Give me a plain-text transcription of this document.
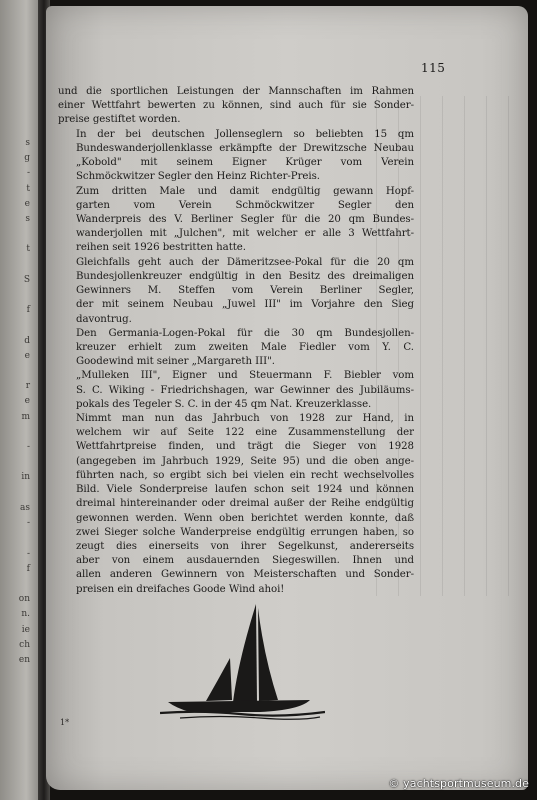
s
g
-
t
e
s

t

S

f

d
e

r
e
m

-

in

as
-

-
f

on
n.
ie
ch
en
115

und die sportlichen Leistungen der Mannschaften im Rahmen
einer Wettfahrt bewerten zu können, sind auch für sie Sonder-
preise gestiftet worden.

In der bei deutschen Jollenseglern so beliebten 15 qm
Bundeswanderjollenklasse erkämpfte der Drewitzsche Neubau
„Kobold" mit seinem Eigner Krüger vom Verein
Schmöckwitzer Segler den Heinz Richter-Preis.

Zum dritten Male und damit endgültig gewann Hopf-
garten vom Verein Schmöckwitzer Segler den
Wanderpreis des V. Berliner Segler für die 20 qm Bundes-
wanderjollen mit „Julchen", mit welcher er alle 3 Wettfahrt-
reihen seit 1926 bestritten hatte.

Gleichfalls geht auch der Dämeritzsee-Pokal für die 20 qm
Bundesjollenkreuzer endgültig in den Besitz des dreimaligen
Gewinners M. Steffen vom Verein Berliner Segler,
der mit seinem Neubau „Juwel III" im Vorjahre den Sieg
davontrug.

Den Germania-Logen-Pokal für die 30 qm Bundesjollen-
kreuzer erhielt zum zweiten Male Fiedler vom Y. C.
Goodewind mit seiner „Margareth III".

„Mulleken III", Eigner und Steuermann F. Biebler vom
S. C. Wiking - Friedrichshagen, war Gewinner des Jubiläums-
pokals des Tegeler S. C. in der 45 qm Nat. Kreuzerklasse.

Nimmt man nun das Jahrbuch von 1928 zur Hand, in
welchem wir auf Seite 122 eine Zusammenstellung der
Wettfahrtpreise finden, und trägt die Sieger von 1928
(angegeben im Jahrbuch 1929, Seite 95) und die oben ange-
führten nach, so ergibt sich bei vielen ein recht wechselvolles
Bild. Viele Sonderpreise laufen schon seit 1924 und können
dreimal hintereinander oder dreimal außer der Reihe endgültig
gewonnen werden. Wenn oben berichtet werden konnte, daß
zwei Sieger solche Wanderpreise endgültig errungen haben, so
zeugt dies einerseits von ihrer Segelkunst, andererseits
aber von einem ausdauernden Siegeswillen. Ihnen und
allen anderen Gewinnern von Meisterschaften und Sonder-
preisen ein dreifaches Goode Wind ahoi!

1*
© yachtsportmuseum.de
